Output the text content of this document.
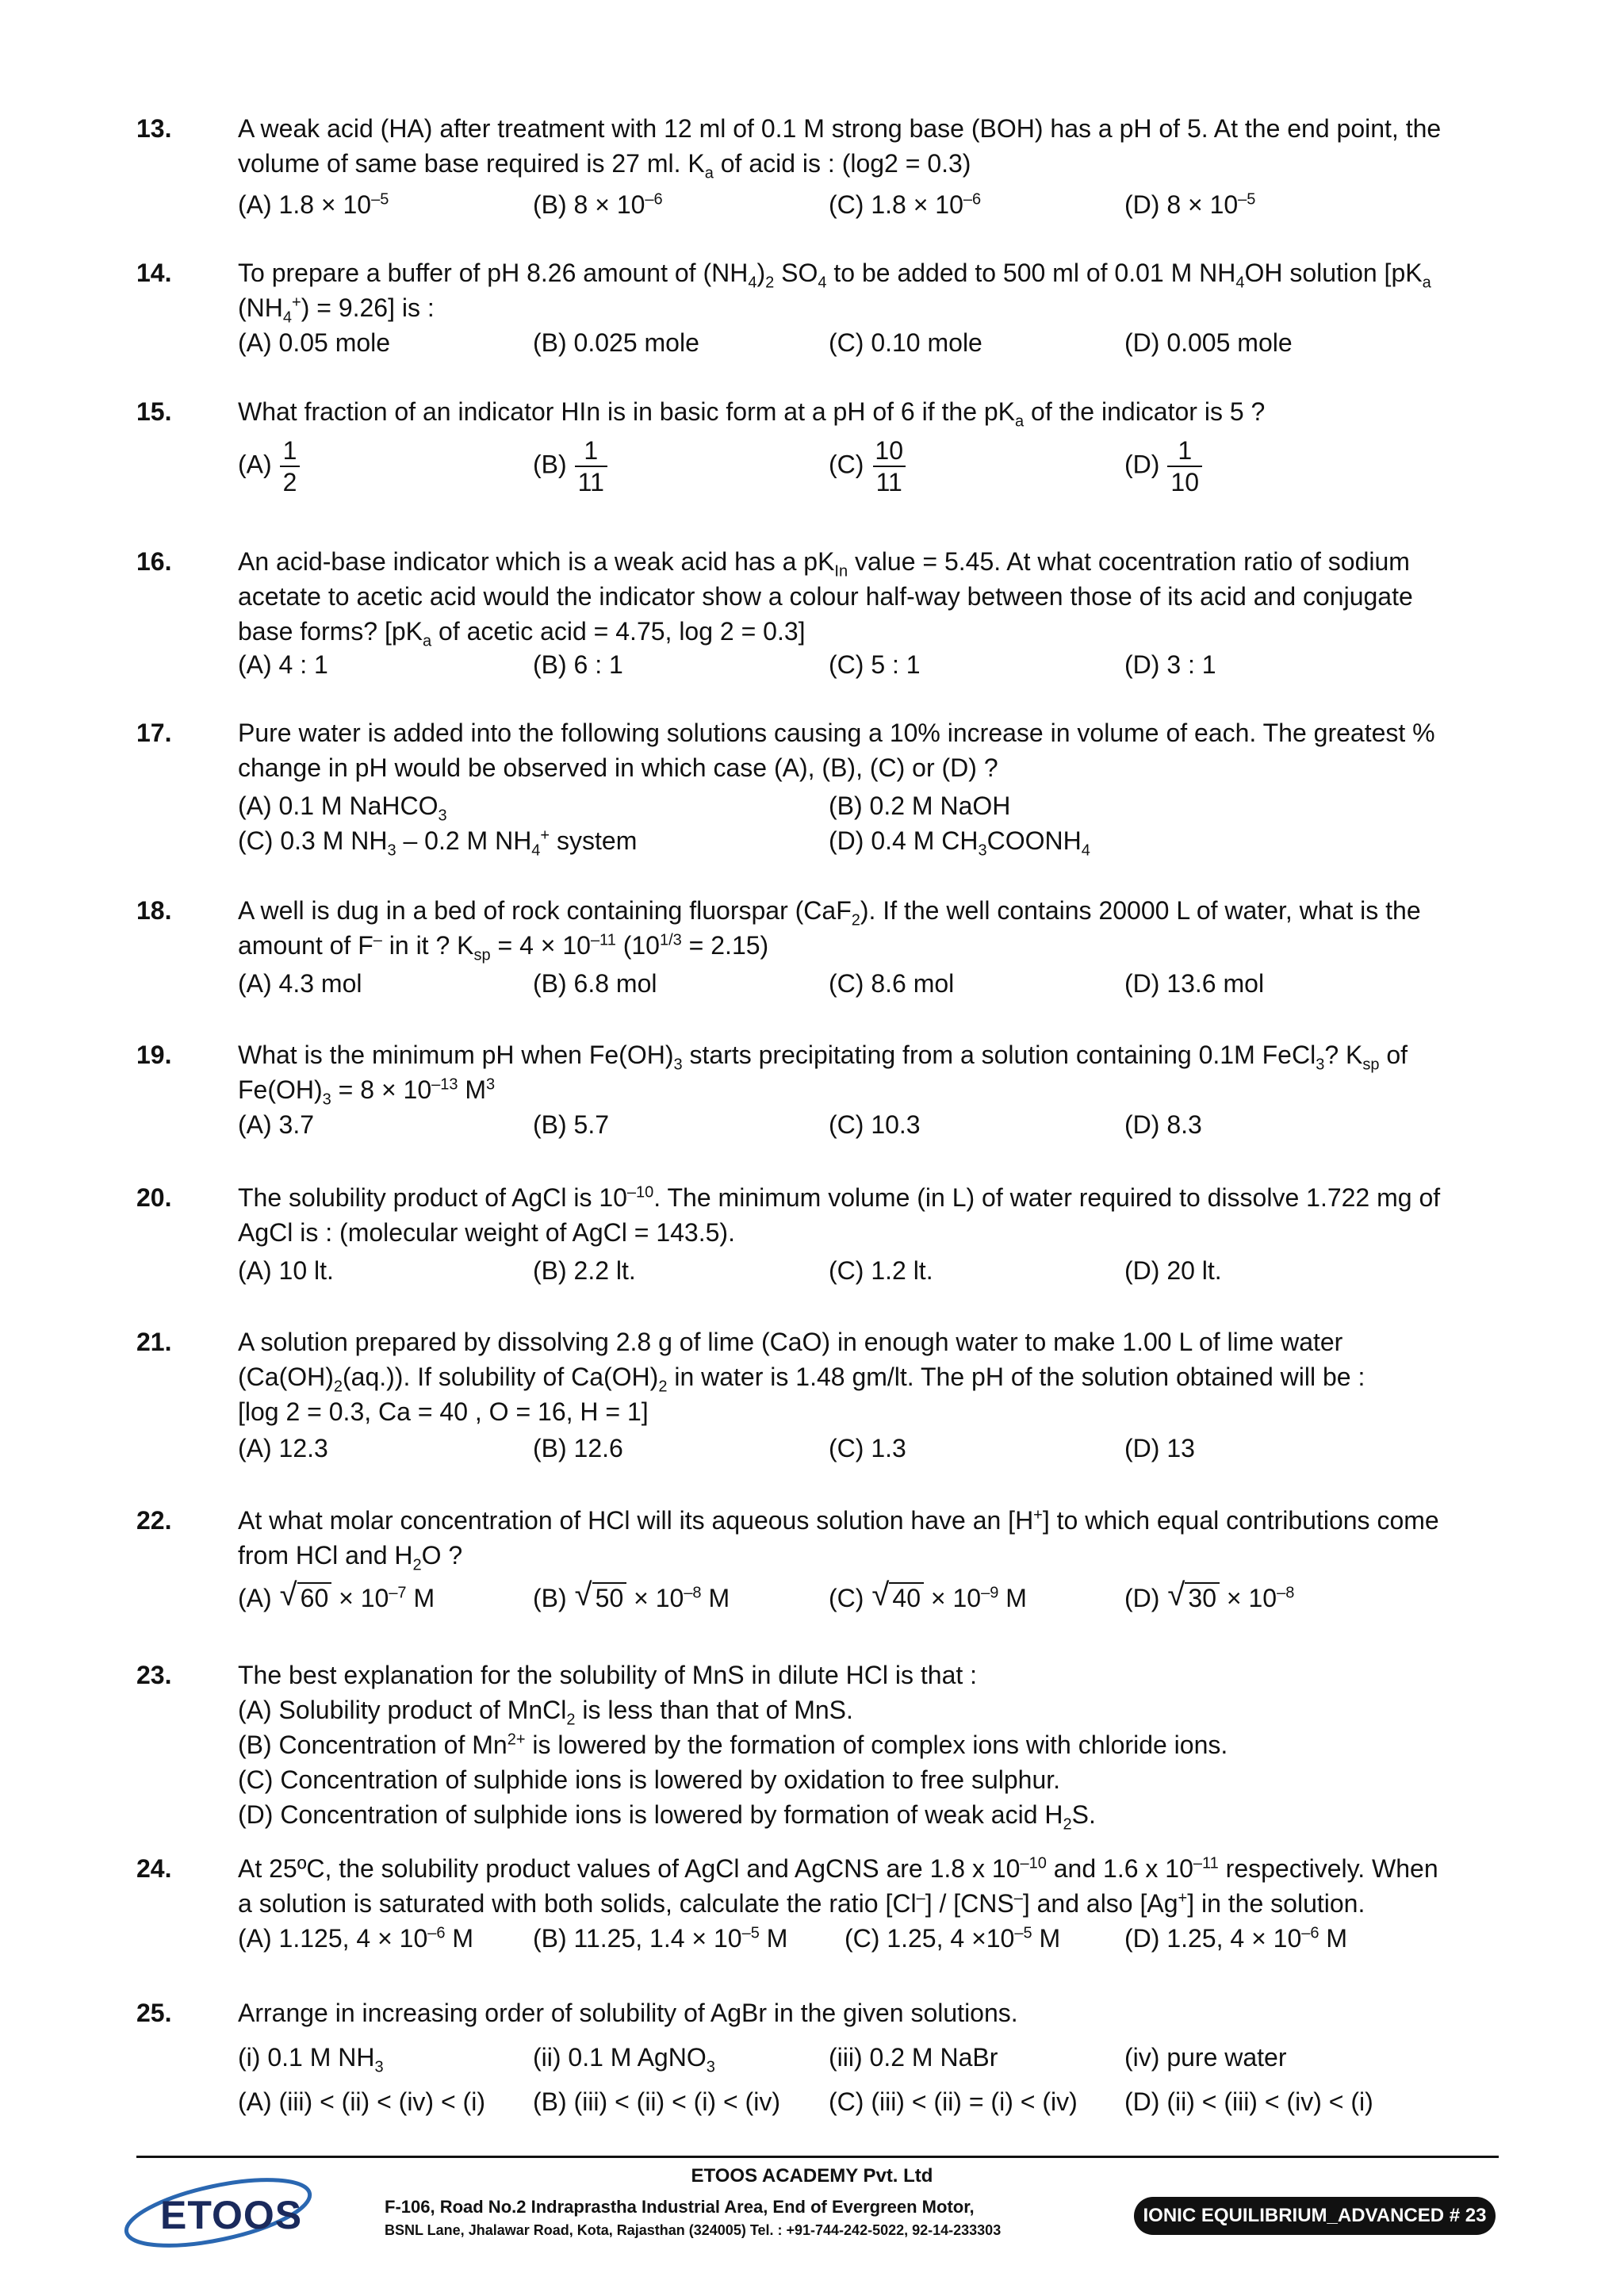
13.	A weak acid (HA) after treatment with 12 ml of 0.1 M strong base (BOH) has a pH of 5. At the end point, the
volume of same base required is 27 ml. $K_a$ of acid is : (log2 = 0.3)
(A) $1.8 \times 10^{-5}$	(B) $8 \times 10^{-6}$	(C) $1.8 \times 10^{-6}$	(D) $8 \times 10^{-5}$
14.	To prepare a buffer of pH 8.26 amount of $(NH_4)_2$ $SO_4$ to be added to 500 ml of 0.01 M $NH_4OH$ solution [$pK_a$
$(NH_4^+) = 9.26$] is :
(A) 0.05 mole	(B) 0.025 mole	(C) 0.10 mole	(D) 0.005 mole
15.	What fraction of an indicator HIn is in basic form at a pH of 6 if the $pK_a$ of the indicator is 5 ?
$(A) \frac{1}{2}$	$(B) \frac{1}{11}$	$(C) \frac{10}{11}$	$(D) \frac{1}{10}$
16.	An acid-base indicator which is a weak acid has a $pK_{In}$ value = 5.45. At what cocentration ratio of sodium
acetate to acetic acid would the indicator show a colour half-way between those of its acid and conjugate
base forms? [$pK_a$ of acetic acid = 4.75, log 2 = 0.3]
(A) 4 : 1	(B) 6 : 1	(C) 5 : 1	(D) 3 : 1
17.	Pure water is added into the following solutions causing a 10% increase in volume of each. The greatest %
change in pH would be observed in which case (A), (B), (C) or (D) ?
(A) 0.1 M NaHCO$_3$	(B) 0.2 M NaOH
(C) 0.3 M $NH_3 - 0.2$ M $NH_4^+$ system	(D) 0.4 M $CH_3COONH_4$
18.	A well is dug in a bed of rock containing fluorspar (CaF$_2$). If the well contains 20000 L of water, what is the
amount of F– in it ? $K_{sp} = 4 \times 10^{-11}$ $(10^{1/3} = 2.15)$
(A) 4.3 mol	(B) 6.8 mol	(C) 8.6 mol	(D) 13.6 mol
19.	What is the minimum pH when $Fe(OH)_3$ starts precipitating from a solution containing 0.1M FeCl$_3$? $K_{sp}$ of
$Fe(OH)_3 = 8 \times 10^{-13}$ $M^3$
(A) 3.7	(B) 5.7	(C) 10.3	(D) 8.3
20.	The solubility product of AgCl is $10^{-10}$. The minimum volume (in L) of water required to dissolve 1.722 mg of
AgCl is : (molecular weight of AgCl = 143.5).
(A) 10 lt.	(B) 2.2 lt.	(C) 1.2 lt.	(D) 20 lt.
21.	A solution prepared by dissolving 2.8 g of lime (CaO) in enough water to make 1.00 L of lime water
$(Ca(OH)_2(aq.))$. If solubility of $Ca(OH)_2$ in water is 1.48 gm/lt. The pH of the solution obtained will be :
[log 2 = 0.3, Ca = 40 , O = 16, H = 1]
(A) 12.3	(B) 12.6	(C) 1.3	(D) 13
22.	At what molar concentration of HCl will its aqueous solution have an [H+] to which equal contributions come
from HCl and $H_2O$ ?
(A) √ $60 \times 10^{-7}$ M	(B) √ $50 \times 10^{-8}$ M	(C) √ $40 \times 10^{-9}$ M	(D) √ $30 \times 10^{-8}$
23.	The best explanation for the solubility of MnS in dilute HCl is that :
(A) Solubility product of MnCl$_2$ is less than that of MnS.
(B) Concentration of $Mn^{2+}$ is lowered by the formation of complex ions with chloride ions.
(C) Concentration of sulphide ions is lowered by oxidation to free sulphur.
(D) Concentration of sulphide ions is lowered by formation of weak acid $H_2S$.
24.	At 25ºC, the solubility product values of AgCl and AgCNS are 1.8 x $10^{-10}$ and 1.6 x $10^{-11}$ respectively. When
a solution is saturated with both solids, calculate the ratio [Cl–] / [CNS–] and also [Ag+] in the solution.
(A) 1.125, $4 \times 10^{-6}$ M (B) 11.25, $1.4 \times 10^{-5}$ M (C) 1.25, $4 \times 10^{-5}$ M	(D) 1.25, $4 \times 10^{-6}$ M
25.	Arrange in increasing order of solubility of AgBr in the given solutions.
(i) 0.1 M $NH_3$	(ii) 0.1 M AgNO$_3$	(iii) 0.2 M NaBr	(iv) pure water
(A) (iii) < (ii) < (iv) < (i) (B) (iii) < (ii) < (i) < (iv) (C) (iii) < (ii) = (i) < (iv) (D) (ii) < (iii) < (iv) < (i)
ETOOS
ETOOS ACADEMY Pvt. Ltd
F-106, Road No.2 Indraprastha Industrial Area, End of Evergreen Motor,
BSNL Lane, Jhalawar Road, Kota, Rajasthan (324005) Tel. : +91-744-242-5022, 92-14-233303
IONIC EQUILIBRIUM_ADVANCED # 23
